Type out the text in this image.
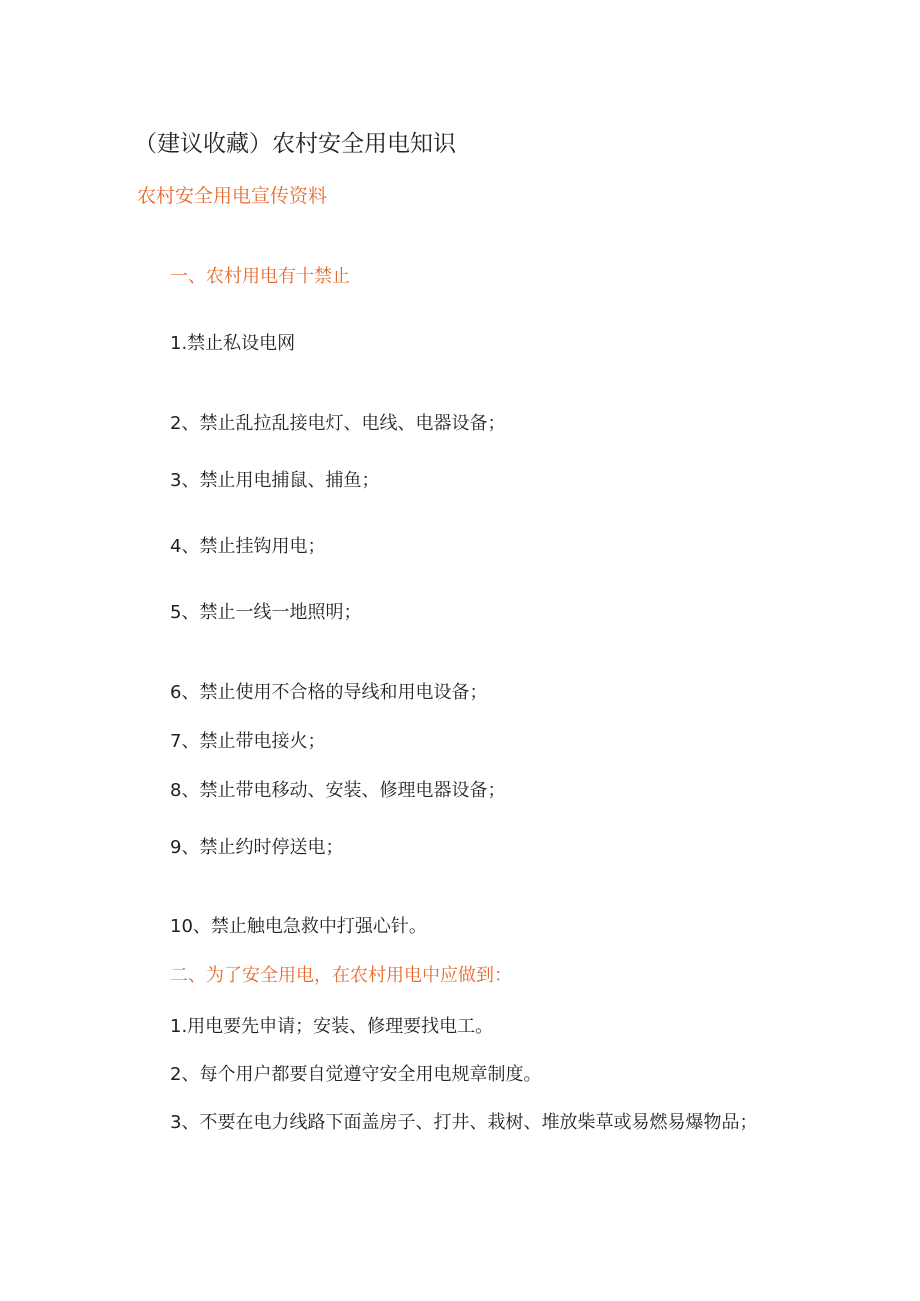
（建议收藏）农村安全用电知识
农村安全用电宣传资料
一、农村用电有十禁止
1.禁止私设电网
2、禁止乱拉乱接电灯、电线、电器设备；
3、禁止用电捕鼠、捕鱼；
4、禁止挂钩用电；
5、禁止一线一地照明；
6、禁止使用不合格的导线和用电设备；
7、禁止带电接火；
8、禁止带电移动、安装、修理电器设备；
9、禁止约时停送电；
10、禁止触电急救中打强心针。
二、为了安全用电，在农村用电中应做到：
1.用电要先申请；安装、修理要找电工。
2、每个用户都要自觉遵守安全用电规章制度。
3、不要在电力线路下面盖房子、打井、栽树、堆放柴草或易燃易爆物品；
